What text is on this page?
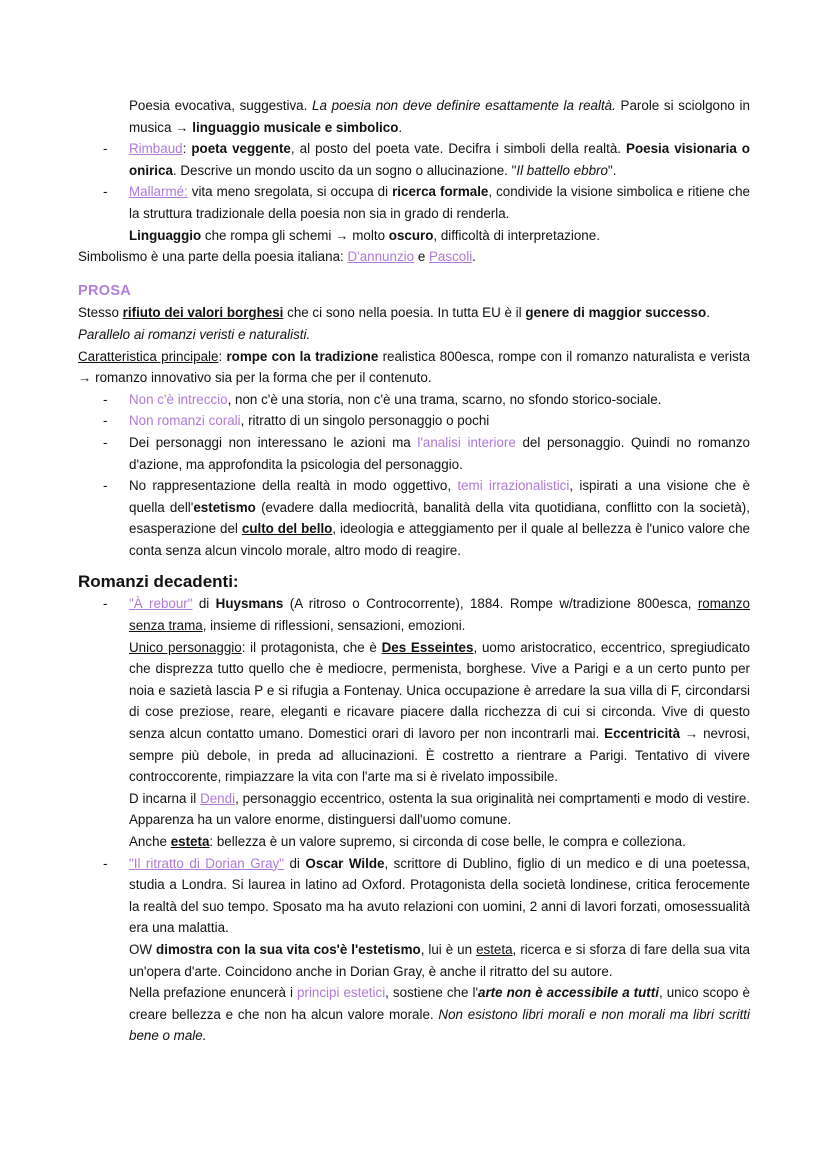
Poesia evocativa, suggestiva. La poesia non deve definire esattamente la realtà. Parole si sciolgono in musica → linguaggio musicale e simbolico.

- Rimbaud: poeta veggente, al posto del poeta vate. Decifra i simboli della realtà. Poesia visionaria o onirica. Descrive un mondo uscito da un sogno o allucinazione. "Il battello ebbro".

- Mallarmé: vita meno sregolata, si occupa di ricerca formale, condivide la visione simbolica e ritiene che la struttura tradizionale della poesia non sia in grado di renderla.

Linguaggio che rompa gli schemi → molto oscuro, difficoltà di interpretazione.

Simbolismo è una parte della poesia italiana: D'annunzio e Pascoli.

PROSA

Stesso rifiuto dei valori borghesi che ci sono nella poesia. In tutta EU è il genere di maggior successo.

Parallelo ai romanzi veristi e naturalisti.

Caratteristica principale: rompe con la tradizione realistica 800esca, rompe con il romanzo naturalista e verista → romanzo innovativo sia per la forma che per il contenuto.

- Non c'è intreccio, non c'è una storia, non c'è una trama, scarno, no sfondo storico-sociale.

- Non romanzi corali, ritratto di un singolo personaggio o pochi

- Dei personaggi non interessano le azioni ma l'analisi interiore del personaggio. Quindi no romanzo d'azione, ma approfondita la psicologia del personaggio.

- No rappresentazione della realtà in modo oggettivo, temi irrazionalistici, ispirati a una visione che è quella dell'estetismo (evadere dalla mediocrità, banalità della vita quotidiana, conflitto con la società), esasperazione del culto del bello, ideologia e atteggiamento per il quale al bellezza è l'unico valore che conta senza alcun vincolo morale, altro modo di reagire.

Romanzi decadenti:
- "À rebour" di Huysmans (A ritroso o Controcorrente), 1884. Rompe w/tradizione 800esca, romanzo senza trama, insieme di riflessioni, sensazioni, emozioni.

Unico personaggio: il protagonista, che è Des Esseintes, uomo aristocratico, eccentrico, spregiudicato che disprezza tutto quello che è mediocre, permenista, borghese. Vive a Parigi e a un certo punto per noia e sazietà lascia P e si rifugia a Fontenay. Unica occupazione è arredare la sua villa di F, circondarsi di cose preziose, reare, eleganti e ricavare piacere dalla ricchezza di cui si circonda. Vive di questo senza alcun contatto umano. Domestici orari di lavoro per non incontrarli mai. Eccentricità → nevrosi, sempre più debole, in preda ad allucinazioni. È costretto a rientrare a Parigi. Tentativo di vivere controccorente, rimpiazzare la vita con l'arte ma si è rivelato impossibile.

D incarna il Dendi, personaggio eccentrico, ostenta la sua originalità nei comprtamenti e modo di vestire. Apparenza ha un valore enorme, distinguersi dall'uomo comune.

Anche esteta: bellezza è un valore supremo, si circonda di cose belle, le compra e colleziona.

- "Il ritratto di Dorian Gray" di Oscar Wilde, scrittore di Dublino, figlio di un medico e di una poetessa, studia a Londra. Si laurea in latino ad Oxford. Protagonista della società londinese, critica ferocemente la realtà del suo tempo. Sposato ma ha avuto relazioni con uomini, 2 anni di lavori forzati, omosessualità era una malattia.

OW dimostra con la sua vita cos'è l'estetismo, lui è un esteta, ricerca e si sforza di fare della sua vita un'opera d'arte. Coincidono anche in Dorian Gray, è anche il ritratto del su autore.

Nella prefazione enuncerà i principi estetici, sostiene che l'arte non è accessibile a tutti, unico scopo è creare bellezza e che non ha alcun valore morale. Non esistono libri morali e non morali ma libri scritti bene o male.
